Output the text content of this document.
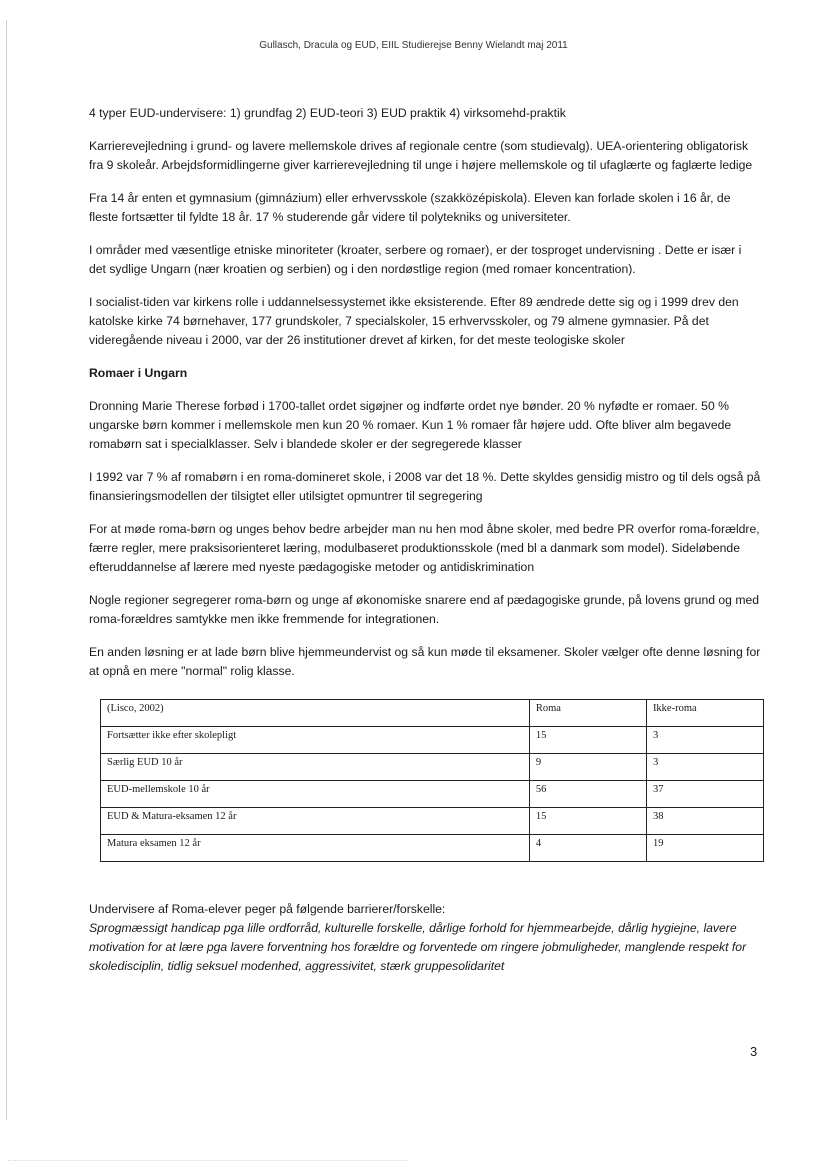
Gullasch, Dracula og EUD, EIIL Studierejse Benny Wielandt maj 2011

4 typer EUD-undervisere: 1) grundfag 2) EUD-teori 3) EUD praktik 4) virksomehd-praktik

Karrierevejledning i grund- og lavere mellemskole drives af regionale centre (som studievalg). UEA-orientering obligatorisk fra 9 skoleår. Arbejdsformidlingerne giver karrierevejledning til unge i højere mellemskole og til ufaglærte og faglærte ledige

Fra 14 år enten et gymnasium (gimnázium) eller erhvervsskole (szakközépiskola). Eleven kan forlade skolen i 16 år, de fleste fortsætter til fyldte 18 år. 17 % studerende går videre til polytekniks og universiteter.

I områder med væsentlige etniske minoriteter (kroater, serbere og romaer), er der tosproget undervisning . Dette er især i det sydlige Ungarn (nær kroatien og serbien) og i den nordøstlige region (med romaer koncentration).

I socialist-tiden var kirkens rolle i uddannelsessystemet ikke eksisterende. Efter 89 ændrede dette sig og i 1999 drev den katolske kirke 74 børnehaver, 177 grundskoler, 7 specialskoler, 15 erhvervsskoler, og 79 almene gymnasier. På det videregående niveau i 2000, var der 26 institutioner drevet af kirken, for det meste teologiske skoler

Romaer i Ungarn

Dronning Marie Therese forbød i 1700-tallet ordet sigøjner og indførte ordet nye bønder. 20 % nyfødte er romaer. 50 % ungarske børn kommer i mellemskole men kun 20 % romaer. Kun 1 % romaer får højere udd. Ofte bliver alm begavede romabørn sat i specialklasser. Selv i blandede skoler er der segregerede klasser

I 1992 var 7 % af romabørn i en roma-domineret skole, i 2008 var det 18 %. Dette skyldes gensidig mistro og til dels også på finansieringsmodellen der tilsigtet eller utilsigtet opmuntrer til segregering

For at møde roma-børn og unges behov bedre arbejder man nu hen mod åbne skoler, med bedre PR overfor roma-forældre, færre regler, mere praksisorienteret læring, modulbaseret produktionsskole (med bl a danmark som model). Sideløbende efteruddannelse af lærere med nyeste pædagogiske metoder og antidiskrimination

Nogle regioner segregerer roma-børn og unge af økonomiske snarere end af pædagogiske grunde, på lovens grund og med roma-forældres samtykke men ikke fremmende for integrationen.

En anden løsning er at lade børn blive hjemmeundervist og så kun møde til eksamener. Skoler vælger ofte denne løsning for at opnå en mere "normal" rolig klasse.

(Lisco, 2002)	Roma	Ikke-roma
Fortsætter ikke efter skolepligt	15	3
Særlig EUD 10 år	9	3
EUD-mellemskole 10 år	56	37
EUD & Matura-eksamen 12 år	15	38
Matura eksamen 12 år	4	19

Undervisere af Roma-elever peger på følgende barrierer/forskelle:

Sprogmæssigt handicap pga lille ordforråd, kulturelle forskelle, dårlige forhold for hjemmearbejde, dårlig hygiejne, lavere motivation for at lære pga lavere forventning hos forældre og forventede om ringere jobmuligheder, manglende respekt for skoledisciplin, tidlig seksuel modenhed, aggressivitet, stærk gruppesolidaritet

3
